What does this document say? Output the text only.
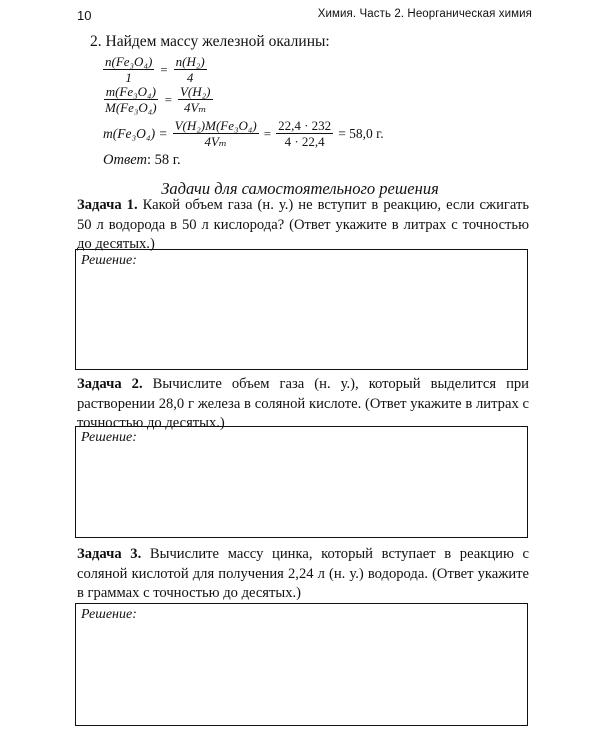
10	Химия. Часть 2. Неорганическая химия
2. Найдем массу железной окалины:
$\frac{\text{n(Fe₃O₄)}}{1} = \frac{\text{n(H₂)}}{4}$
$\frac{\text{m(Fe₃O₄)}}{\text{M(Fe₃O₄)}} = \frac{\text{V(H₂)}}{\text{4Vₘ}}$
$m(Fe_3O_4) = \frac{\text{V(H₂)M(Fe₃O₄)}}{\text{4Vₘ}} = \frac{22,4 \cdot 232}{4 \cdot 22,4} = 58,0$ г.
Ответ: 58 г.
Задачи для самостоятельного решения
Задача 1. Какой объем газа (н. у.) не вступит в реакцию, если сжигать 50 л водорода в 50 л кислорода? (Ответ укажите в литрах с точностью до десятых.)
Решение:
Задача 2. Вычислите объем газа (н. у.), который выделится при растворении 28,0 г железа в соляной кислоте. (Ответ укажите в литрах с точностью до десятых.)
Решение:
Задача 3. Вычислите массу цинка, который вступает в реакцию с соляной кислотой для получения 2,24 л (н. у.) водорода. (Ответ укажите в граммах с точностью до десятых.)
Решение:
